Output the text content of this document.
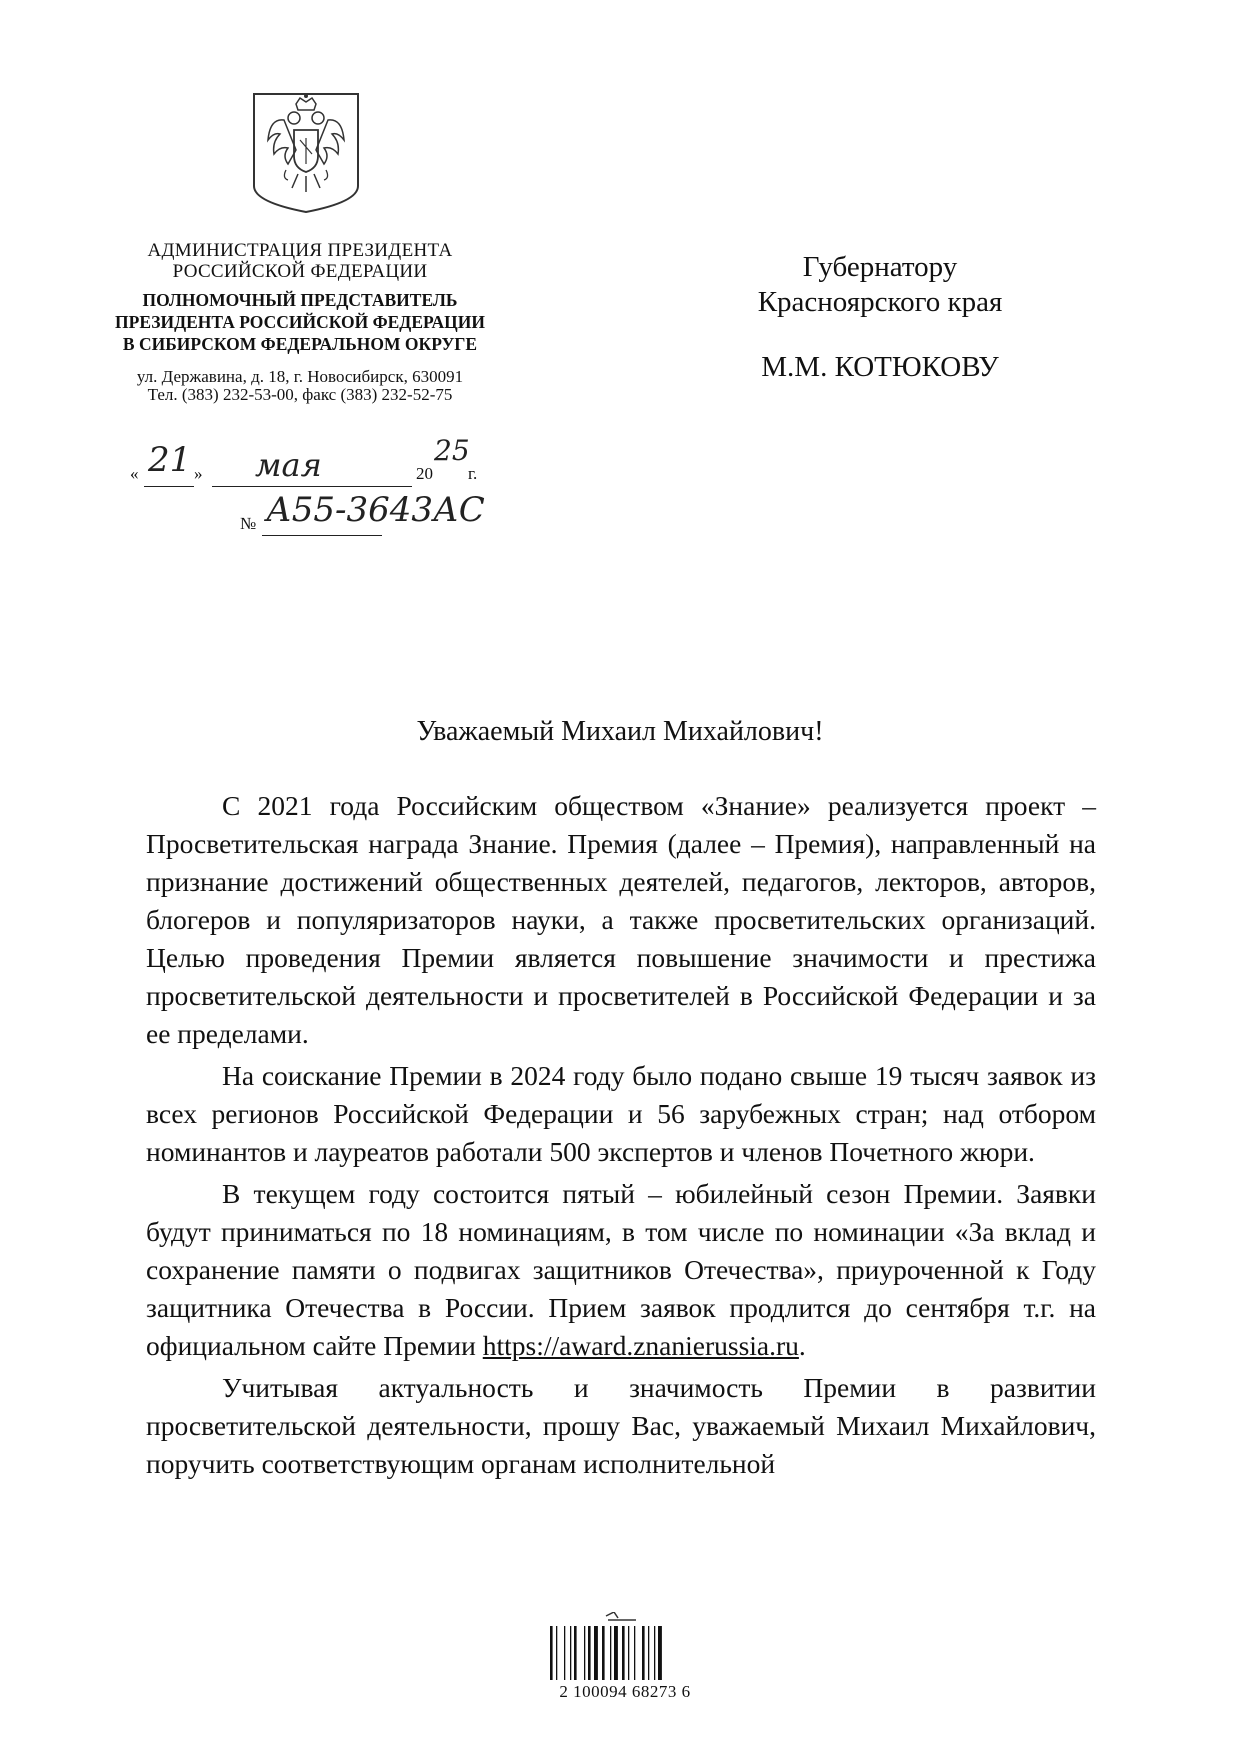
АДМИНИСТРАЦИЯ ПРЕЗИДЕНТА
РОССИЙСКОЙ ФЕДЕРАЦИИ
ПОЛНОМОЧНЫЙ ПРЕДСТАВИТЕЛЬ
ПРЕЗИДЕНТА РОССИЙСКОЙ ФЕДЕРАЦИИ
В СИБИРСКОМ ФЕДЕРАЛЬНОМ ОКРУГЕ
ул. Державина, д. 18, г. Новосибирск, 630091
Тел. (383) 232-53-00, факс (383) 232-52-75
Губернатору
Красноярского края
М.М. КОТЮКОВУ
« 21 » мая	20
25
г.
№ А55-3643АС
Уважаемый Михаил Михайлович!

С 2021 года Российским обществом «Знание» реализуется проект – Просветительская награда Знание. Премия (далее – Премия), направленный на признание достижений общественных деятелей, педагогов, лекторов, авторов, блогеров и популяризаторов науки, а также просветительских организаций. Целью проведения Премии является повышение значимости и престижа просветительской деятельности и просветителей в Российской Федерации и за ее пределами.

На соискание Премии в 2024 году было подано свыше 19 тысяч заявок из всех регионов Российской Федерации и 56 зарубежных стран; над отбором номинантов и лауреатов работали 500 экспертов и членов Почетного жюри.

В текущем году состоится пятый – юбилейный сезон Премии. Заявки будут приниматься по 18 номинациям, в том числе по номинации «За вклад и сохранение памяти о подвигах защитников Отечества», приуроченной к Году защитника Отечества в России. Прием заявок продлится до сентября т.г. на официальном сайте Премии https://award.znanierussia.ru.

Учитывая актуальность и значимость Премии в развитии просветительской деятельности, прошу Вас, уважаемый Михаил Михайлович, поручить соответствующим органам исполнительной

2 100094 68273 6
